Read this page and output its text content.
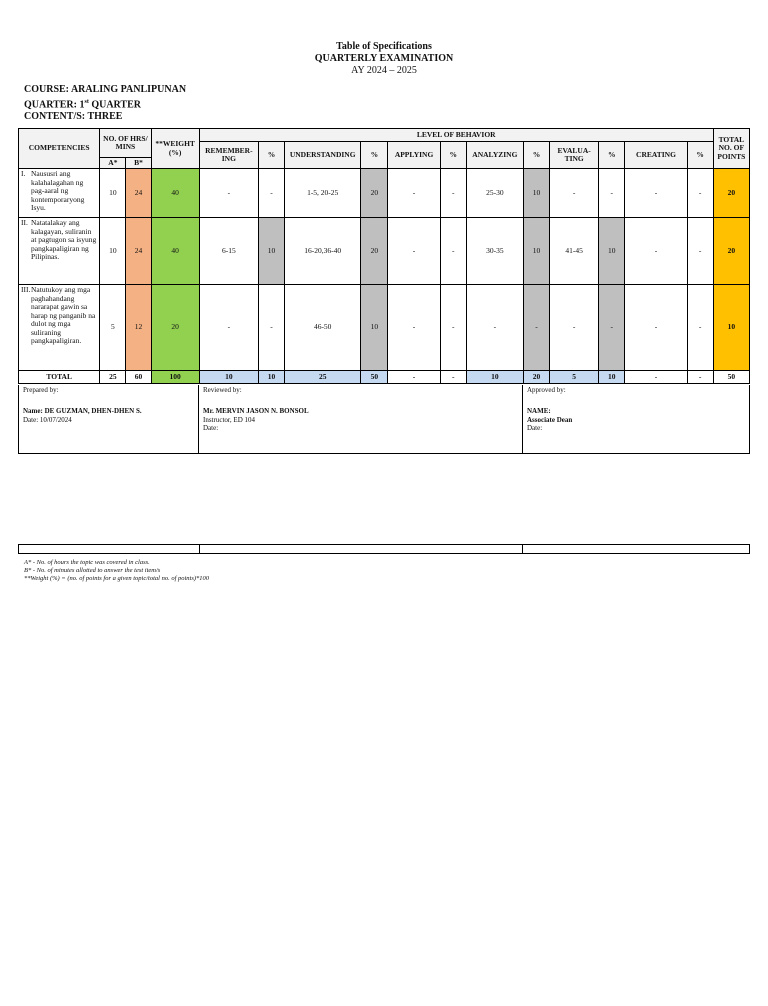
Table of Specifications
QUARTERLY EXAMINATION
AY 2024 – 2025
COURSE: ARALING PANLIPUNAN
QUARTER: 1st QUARTER
CONTENT/S: THREE
COMPETENCIES	NO. OF HRS/ MINS		**WEIGHT (%)	LEVEL OF BEHAVIOR												TOTAL NO. OF POINTS
				REMEMBER-ING	%	UNDERSTANDING	%	APPLYING	%	ANALYZING	%	EVALUA-TING	%	CREATING	%	
	A*	B*														
I. Naususri ang kalahalagahan ng pag-aaral ng kontemporaryong Isyu.	10	24	40	-	-	1-5, 20-25	20	-	-	25-30	10	-	-	-	-	20
II. Natatalakay ang kalagayan, suliranin at pagtugon sa isyung pangkapaligiran ng Pilipinas.	10	24	40	6-15	10	16-20,36-40	20	-	-	30-35	10	41-45	10	-	-	20
III. Natutukoy ang mga paghahandang nararapat gawin sa harap ng panganib na dulot ng mga suliraning pangkapaligiran.	5	12	20	-	-	46-50	10	-	-	-	-	-	-	-	-	10
TOTAL	25	60	100	10	10	25	50	-	-	10	20	5	10	-	-	50
Prepared by:
Name: DE GUZMAN, DHEN-DHEN S.
Date: 10/07/2024
Reviewed by:
Mr. MERVIN JASON N. BONSOL
Instructor, ED 104
Date:
Approved by:
NAME:
Associate Dean
Date:
A* - No. of hours the topic was covered in class.
B* - No. of minutes allotted to answer the test item/s
**Weight (%) = (no. of points for a given topic/total no. of points)*100
